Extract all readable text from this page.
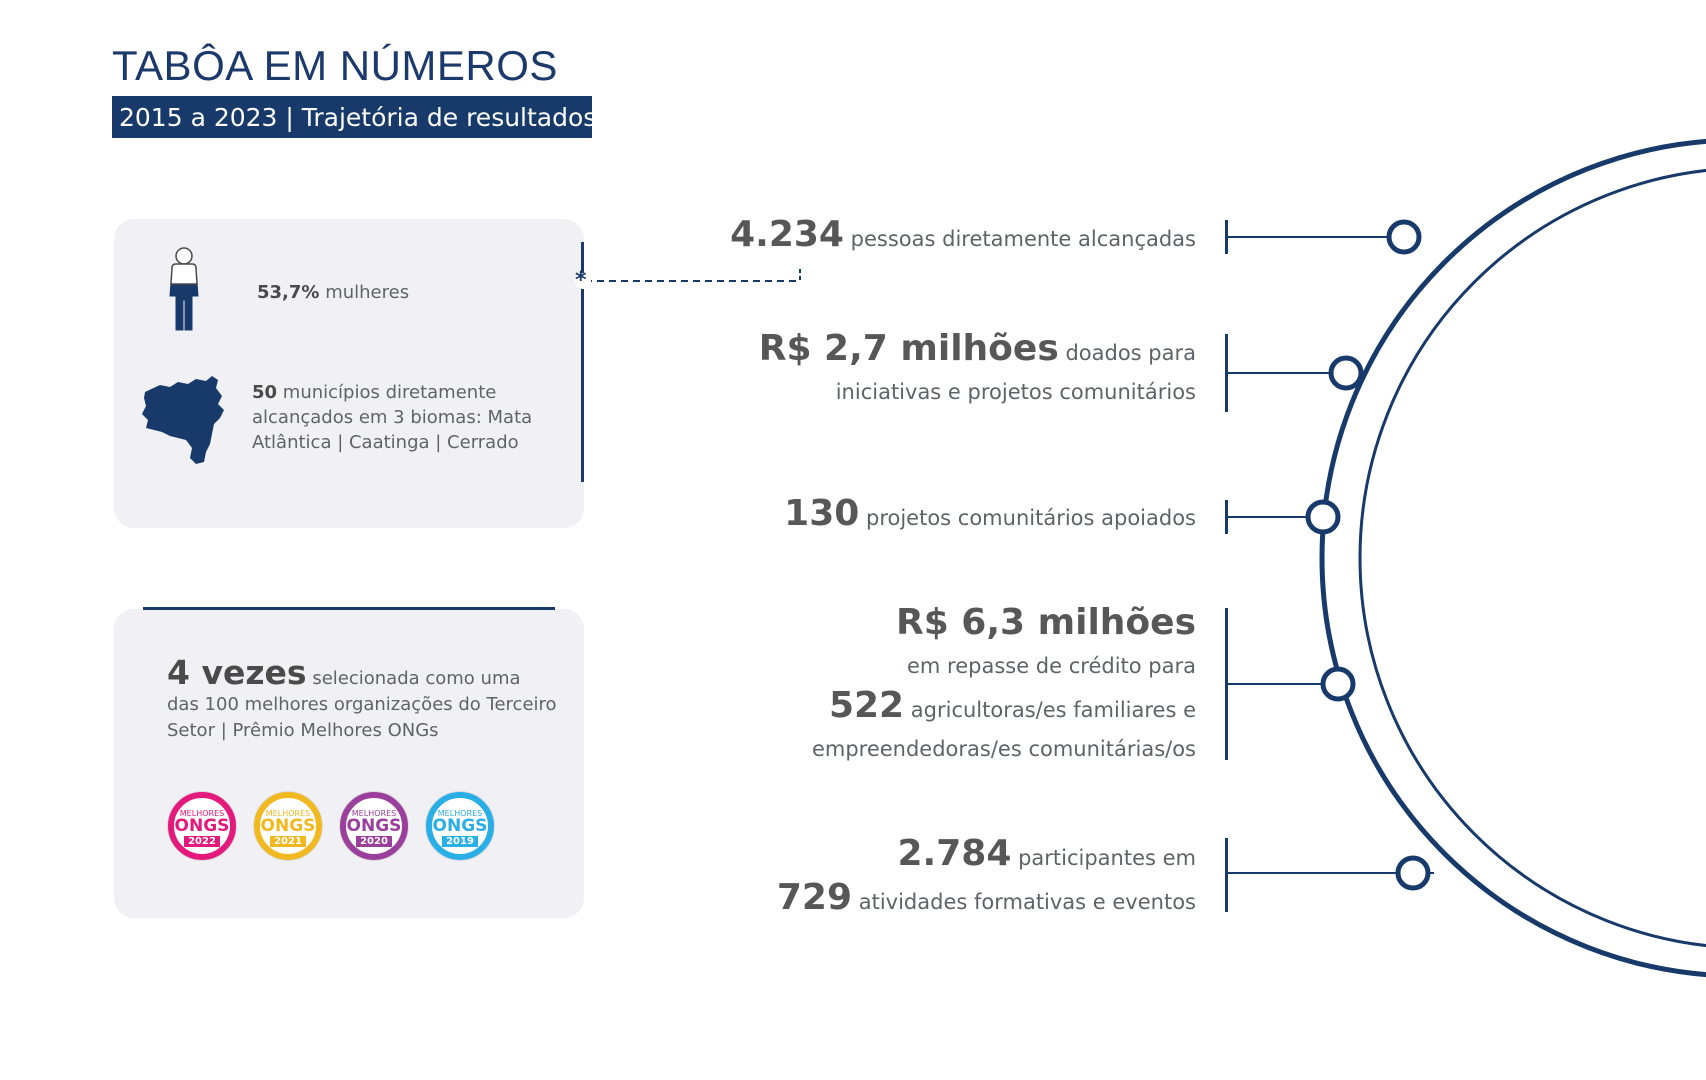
TABÔA EM NÚMEROS
2015 a 2023 | Trajetória de resultados
*
53,7% mulheres
50 municípios diretamente alcançados em 3 biomas: Mata Atlântica | Caatinga | Cerrado
4 vezes selecionada como uma das 100 melhores organizações do Terceiro Setor | Prêmio Melhores ONGs
MELHORES
ONGS
2022
MELHORES
ONGS
2021
MELHORES
ONGS
2020
MELHORES
ONGS
2019
4.234 pessoas diretamente alcançadas
R$ 2,7 milhões doados para
iniciativas e projetos comunitários
130 projetos comunitários apoiados
R$ 6,3 milhões
em repasse de crédito para
522 agricultoras/es familiares e
empreendedoras/es comunitárias/os
2.784 participantes em
729 atividades formativas e eventos
